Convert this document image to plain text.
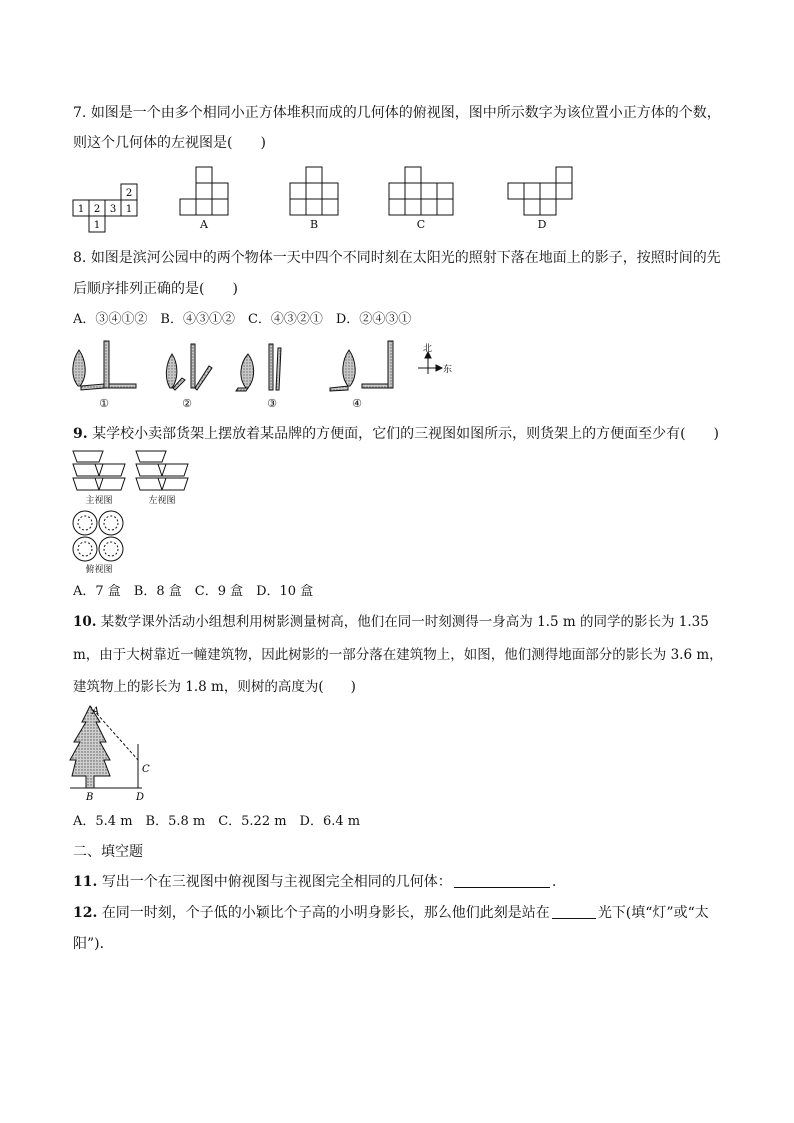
7. 如图是一个由多个相同小正方体堆积而成的几何体的俯视图，图中所示数字为该位置小正方体的个数，
则这个几何体的左视图是(　　)
2
1 2 3 1
1	A	B	C	D
8. 如图是滨河公园中的两个物体一天中四个不同时刻在太阳光的照射下落在地面上的影子，按照时间的先
后顺序排列正确的是(　　)
A．③④①②　B．④③①②　C．④③②①　D．②④③①
北
东
①	②	③	④
9. 某学校小卖部货架上摆放着某品牌的方便面，它们的三视图如图所示，则货架上的方便面至少有(　　)
主视图	左视图
俯视图
A．7 盒　B．8 盒　C．9 盒　D．10 盒
10. 某数学课外活动小组想利用树影测量树高，他们在同一时刻测得一身高为 1.5 m 的同学的影长为 1.35
m，由于大树靠近一幢建筑物，因此树影的一部分落在建筑物上，如图，他们测得地面部分的影长为 3.6 m，
建筑物上的影长为 1.8 m，则树的高度为(　　)
A
C
B	D
A．5.4 m　B．5.8 m　C．5.22 m　D．6.4 m
二、填空题
11. 写出一个在三视图中俯视图与主视图完全相同的几何体：	.
12. 在同一时刻，个子低的小颖比个子高的小明身影长，那么他们此刻是站在	光下(填“灯”或“太
阳”)．
